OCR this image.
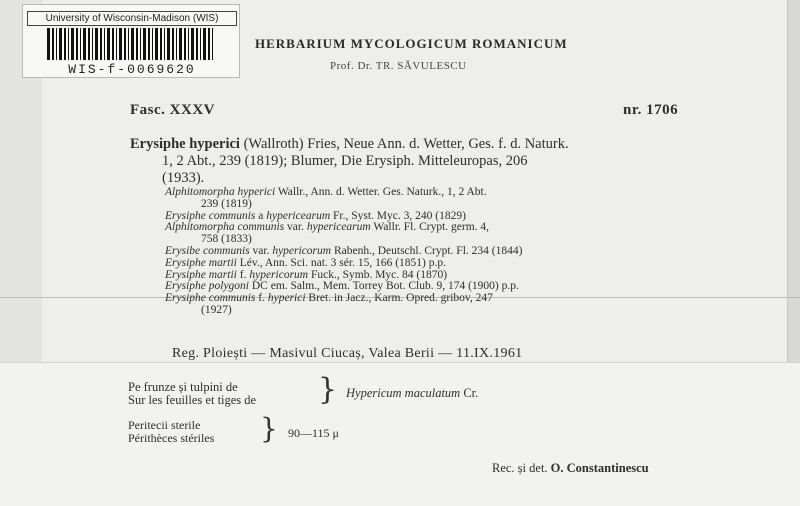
University of Wisconsin-Madison (WIS)
WIS-f-0069620
HERBARIUM MYCOLOGICUM ROMANICUM
Prof. Dr. TR. SĂVULESCU
Fasc. XXXV	nr. 1706
Erysiphe hyperici (Wallroth) Fries, Neue Ann. d. Wetter, Ges. f. d. Naturk.
1, 2 Abt., 239 (1819); Blumer, Die Erysiph. Mitteleuropas, 206
(1933).
Alphitomorpha hyperici Wallr., Ann. d. Wetter. Ges. Naturk., 1, 2 Abt.
239 (1819)
Erysiphe communis a hypericearum Fr., Syst. Myc. 3, 240 (1829)
Alphitomorpha communis var. hypericearum Wallr. Fl. Crypt. germ. 4,
758 (1833)
Erysibe communis var. hypericorum Rabenh., Deutschl. Crypt. Fl. 234 (1844)
Erysiphe martii Lév., Ann. Sci. nat. 3 sér. 15, 166 (1851) p.p.
Erysiphe martii f. hypericorum Fuck., Symb. Myc. 84 (1870)
Erysiphe polygoni DC em. Salm., Mem. Torrey Bot. Club. 9, 174 (1900) p.p.
Erysiphe communis f. hyperici Bret. in Jacz., Karm. Opred. gribov, 247
(1927)
Reg. Ploiești — Masivul Ciucaș, Valea Berii — 11.IX.1961
Pe frunze și tulpini de
Sur les feuilles et tiges de } Hypericum maculatum Cr.
Peritecii sterile
Périthèces stériles } 90—115 μ
Rec. și det. O. Constantinescu
